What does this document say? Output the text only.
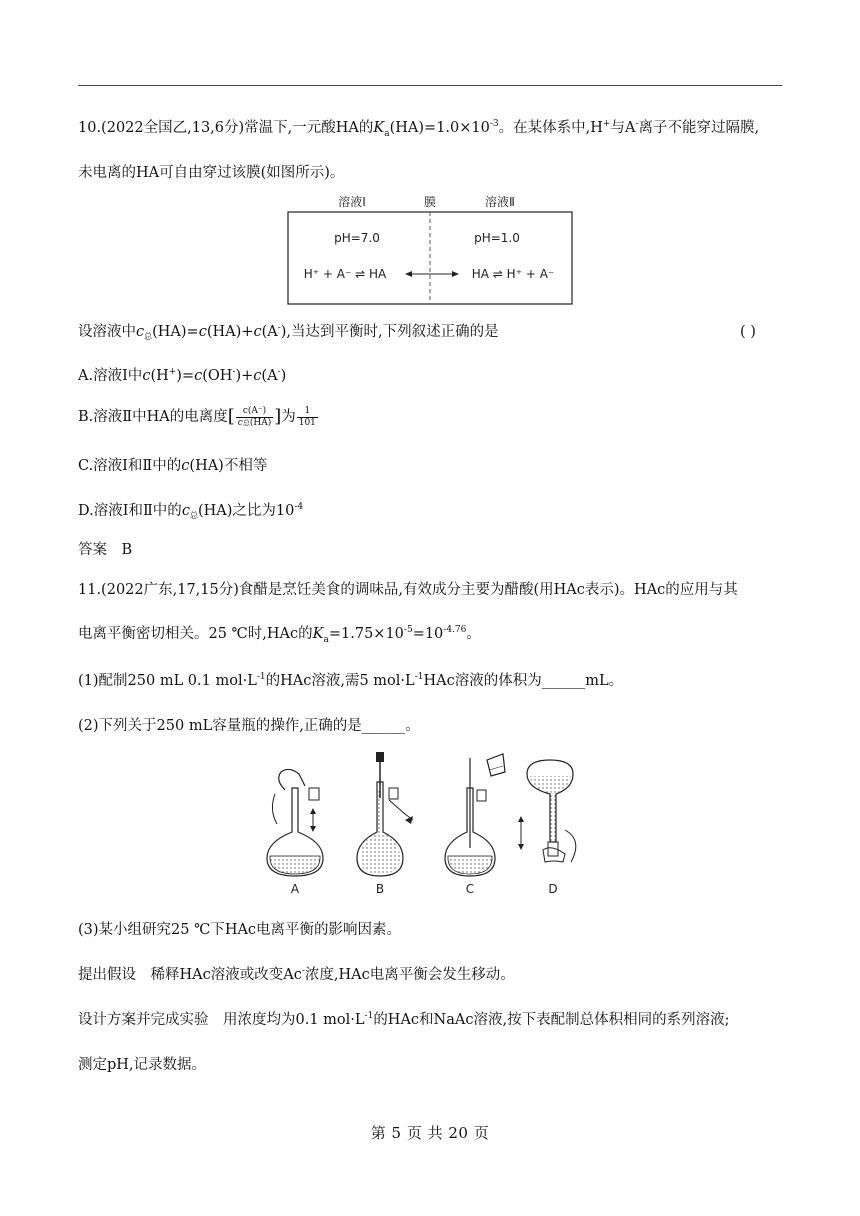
10.(2022全国乙,13,6分)常温下,一元酸HA的$K_a(HA)=1.0\times 10^{-3}$。在某体系中,H+与A-离子不能穿过隔膜,
未电离的HA可自由穿过该膜(如图所示)。
溶液Ⅰ	膜	溶液Ⅱ
pH=7.0	pH=1.0
H⁺ + A⁻ ⇌ HA	HA ⇌ H⁺ + A⁻
设溶液中$c_总(HA)=c(HA)+c(A^-)$,当达到平衡时,下列叙述正确的是	( )
A.溶液Ⅰ中c(H+)=c(OH-)+c(A-)
B.溶液Ⅱ中HA的电离度[ $\frac{c(A^-)}{\text{c总(HA)}}$ ]为 $\frac{1}{101}$
C.溶液Ⅰ和Ⅱ中的c(HA)不相等
D.溶液Ⅰ和Ⅱ中的$c_总(HA)$之比为$10^{-4}$
答案　B
11.(2022广东,17,15分)食醋是烹饪美食的调味品,有效成分主要为醋酸(用HAc表示)。HAc的应用与其
电离平衡密切相关。25 ℃时,HAc的$K_a=1.75\times 10^{-5}=10^{-4.76}$。
(1)配制250 mL 0.1 $mol\cdot L^{-1}$的HAc溶液,需5 $mol\cdot L^{-1}HAc$溶液的体积为______mL。
(2)下列关于250 mL容量瓶的操作,正确的是______。
A	B	C	D
(3)某小组研究25 ℃下HAc电离平衡的影响因素。
提出假设　稀释HAc溶液或改变Ac-浓度,HAc电离平衡会发生移动。
设计方案并完成实验　用浓度均为0.1 $mol\cdot L^{-1}$的HAc和NaAc溶液,按下表配制总体积相同的系列溶液;
测定pH,记录数据。
第 5 页 共 20 页
